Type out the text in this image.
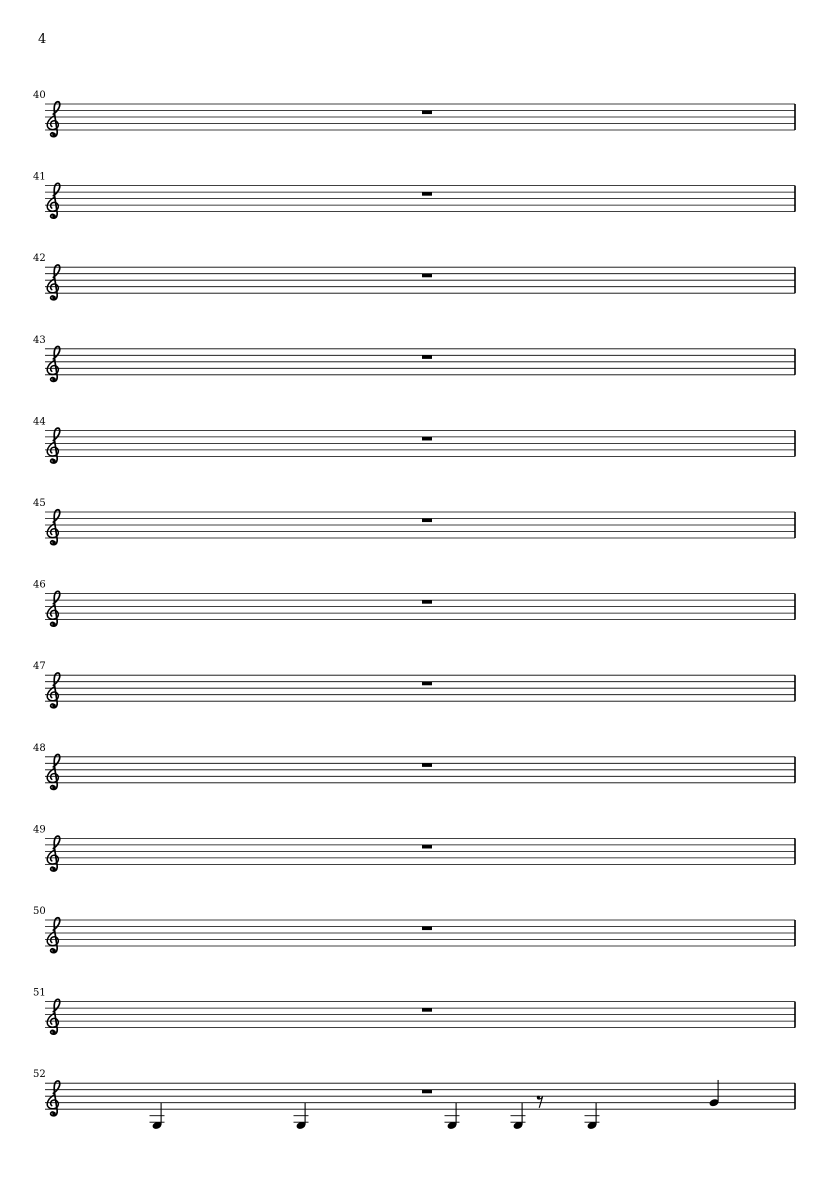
4
40
41
42
43
44
45
46
47
48
49
50
51
52
